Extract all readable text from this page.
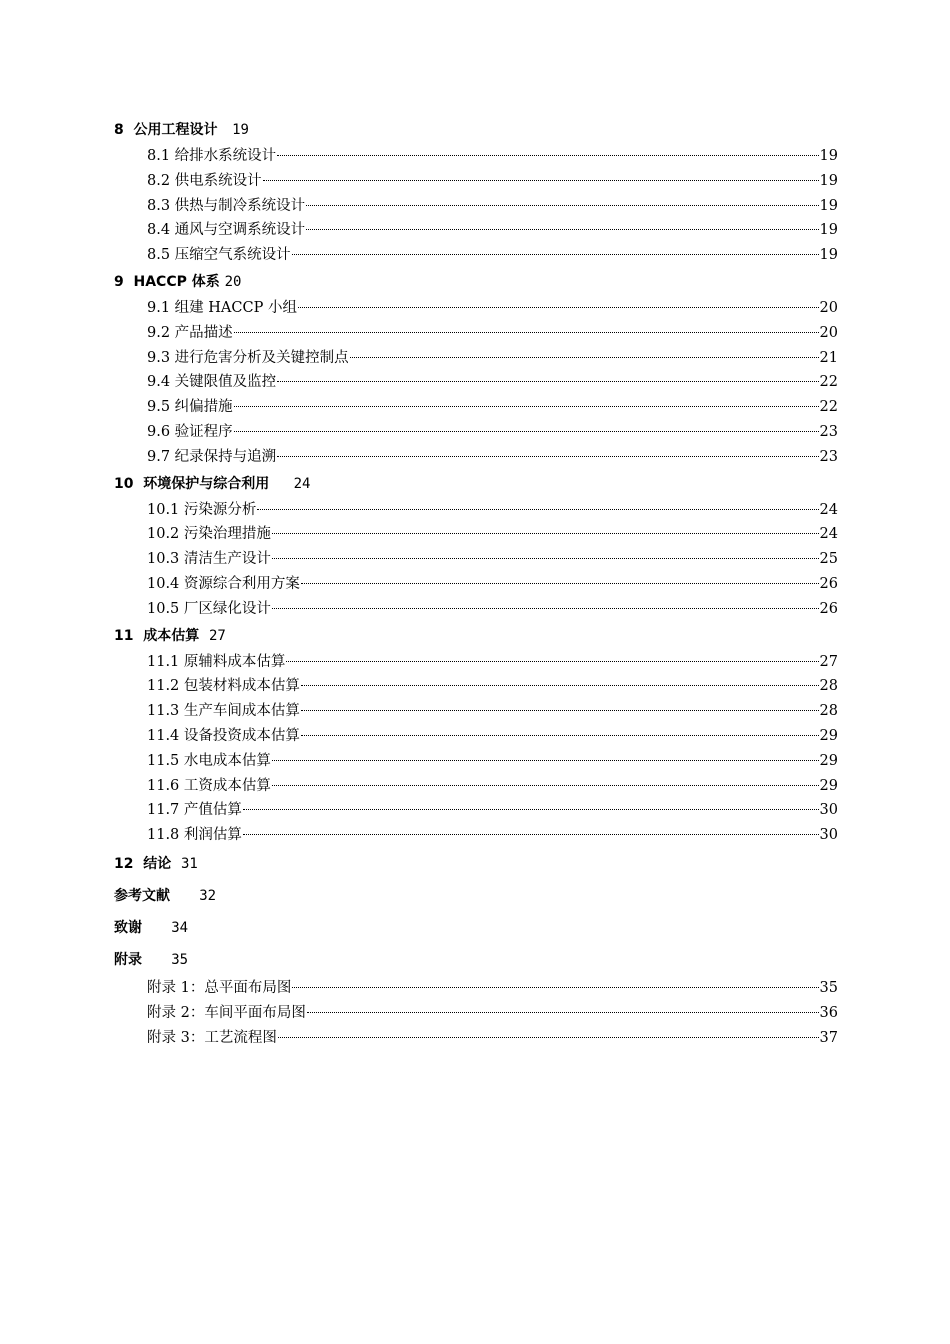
8  公用工程设计 19
8.1 给排水系统设计	19
8.2 供电系统设计	19
8.3 供热与制冷系统设计	19
8.4 通风与空调系统设计	19
8.5 压缩空气系统设计	19
9  HACCP 体系 20
9.1 组建 HACCP 小组	20
9.2 产品描述	20
9.3 进行危害分析及关键控制点	21
9.4 关键限值及监控	22
9.5 纠偏措施	22
9.6 验证程序	23
9.7 纪录保持与追溯	23
10  环境保护与综合利用 24
10.1 污染源分析	24
10.2 污染治理措施	24
10.3 清洁生产设计	25
10.4 资源综合利用方案	26
10.5 厂区绿化设计	26
11  成本估算 27
11.1 原辅料成本估算	27
11.2 包装材料成本估算	28
11.3 生产车间成本估算	28
11.4 设备投资成本估算	29
11.5 水电成本估算	29
11.6 工资成本估算	29
11.7 产值估算	30
11.8 利润估算	30
12  结论 31
参考文献 32
致谢 34
附录 35
附录 1：总平面布局图	35
附录 2：车间平面布局图	36
附录 3：工艺流程图	37
